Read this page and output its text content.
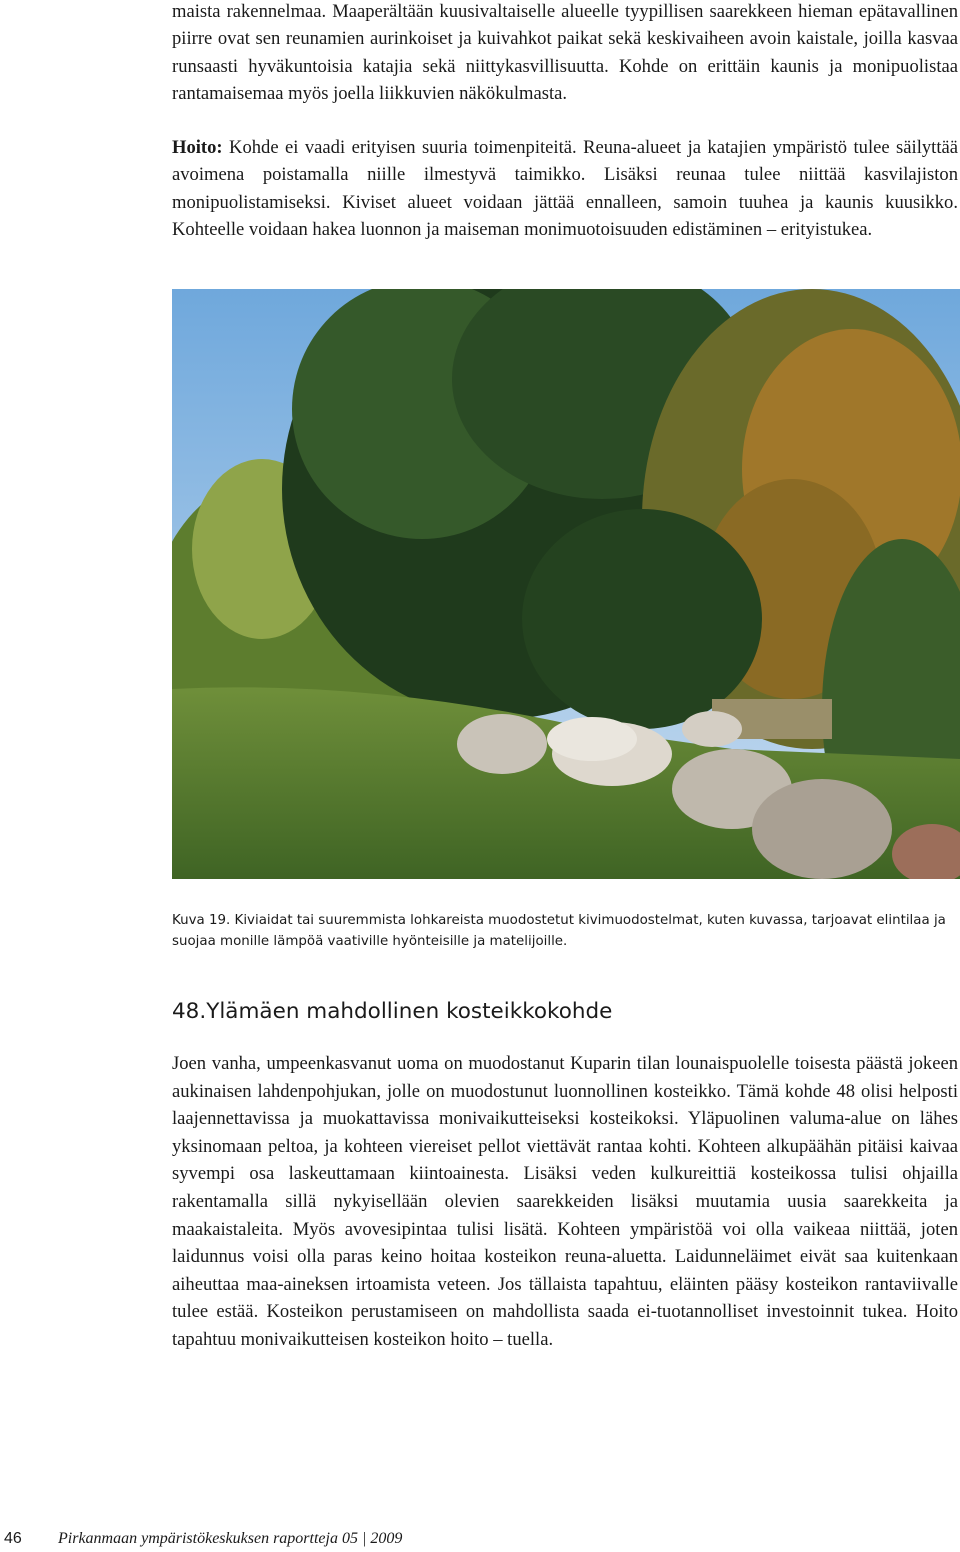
maista rakennelmaa. Maaperältään kuusivaltaiselle alueelle tyypillisen saarekkeen hieman epätavallinen piirre ovat sen reunamien aurinkoiset ja kuivahkot paikat sekä keskivaiheen avoin kaistale, joilla kasvaa runsaasti hyväkuntoisia katajia sekä niittykasvillisuutta. Kohde on erittäin kaunis ja monipuolistaa rantamaisemaa myös joella liikkuvien näkökulmasta.

Hoito: Kohde ei vaadi erityisen suuria toimenpiteitä. Reuna-alueet ja katajien ympäristö tulee säilyttää avoimena poistamalla niille ilmestyvä taimikko. Lisäksi reunaa tulee niittää kasvilajiston monipuolistamiseksi. Kiviset alueet voidaan jättää ennalleen, samoin tuuhea ja kaunis kuusikko. Kohteelle voidaan hakea luonnon ja maiseman monimuotoisuuden edistäminen – erityistukea.

Kuva 19. Kiviaidat tai suuremmista lohkareista muodostetut kivimuodostelmat, kuten kuvassa, tarjoavat elintilaa ja suojaa monille lämpöä vaativille hyönteisille ja matelijoille.
48.Ylämäen mahdollinen kosteikkokohde

Joen vanha, umpeenkasvanut uoma on muodostanut Kuparin tilan lounaispuolelle toisesta päästä jokeen aukinaisen lahdenpohjukan, jolle on muodostunut luonnollinen kosteikko. Tämä kohde 48 olisi helposti laajennettavissa ja muokattavissa monivaikutteiseksi kosteikoksi. Yläpuolinen valuma-alue on lähes yksinomaan peltoa, ja kohteen viereiset pellot viettävät rantaa kohti. Kohteen alkupäähän pitäisi kaivaa syvempi osa laskeuttamaan kiintoainesta. Lisäksi veden kulkureittiä kosteikossa tulisi ohjailla rakentamalla sillä nykyisellään olevien saarekkeiden lisäksi muutamia uusia saarekkeita ja maakaistaleita. Myös avovesipintaa tulisi lisätä. Kohteen ympäristöä voi olla vaikeaa niittää, joten laidunnus voisi olla paras keino hoitaa kosteikon reuna-aluetta. Laidunneläimet eivät saa kuitenkaan aiheuttaa maa-aineksen irtoamista veteen. Jos tällaista tapahtuu, eläinten pääsy kosteikon rantaviivalle tulee estää. Kosteikon perustamiseen on mahdollista saada ei-tuotannolliset investoinnit tukea. Hoito tapahtuu monivaikutteisen kosteikon hoito – tuella.

46 Pirkanmaan ympäristökeskuksen raportteja 05 | 2009
